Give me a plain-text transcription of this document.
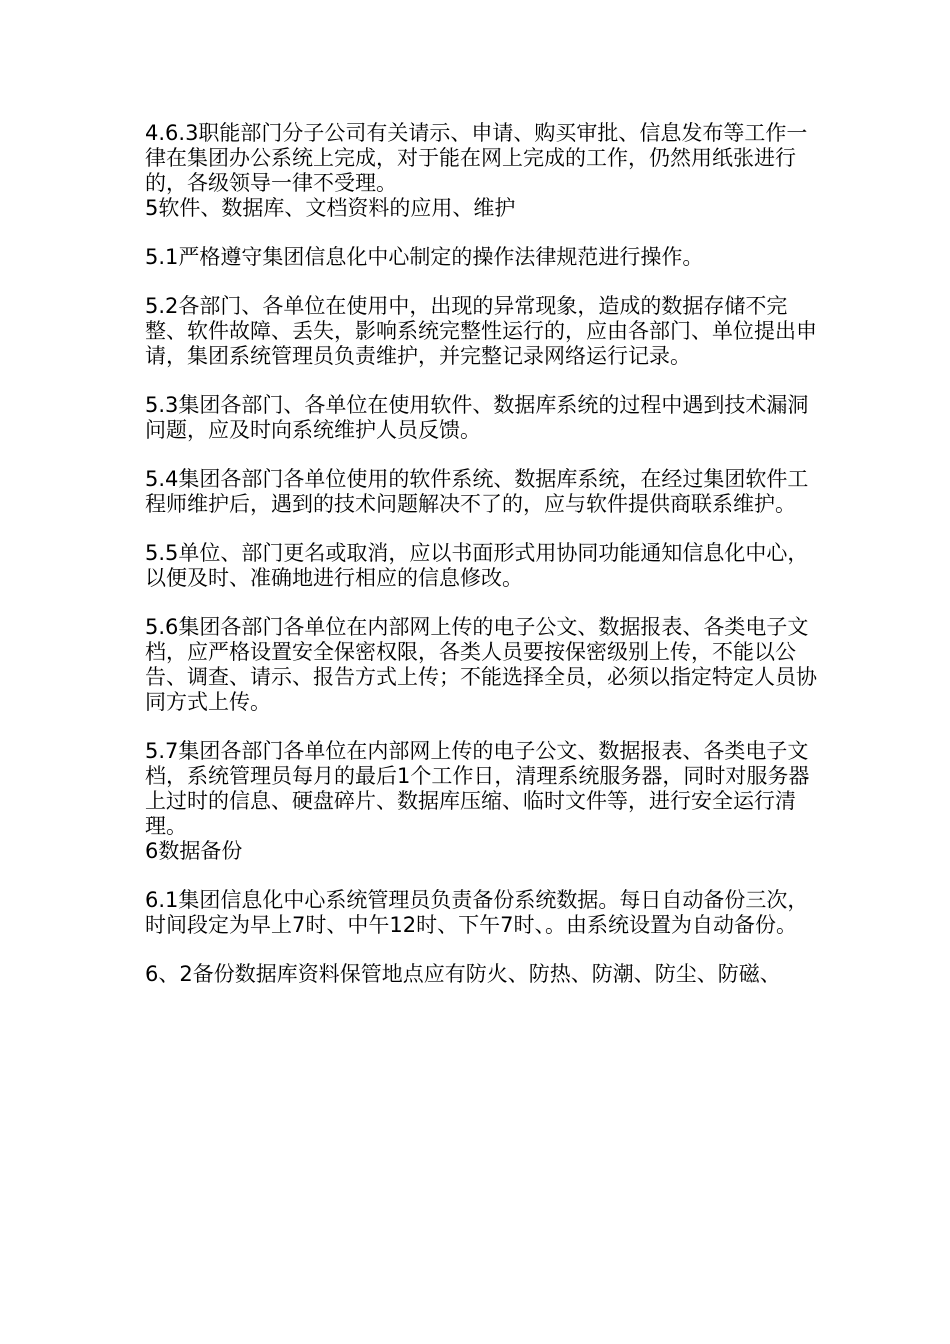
4.6.3职能部门分子公司有关请示、申请、购买审批、信息发布等工作一律在集团办公系统上完成，对于能在网上完成的工作，仍然用纸张进行的，各级领导一律不受理。

5软件、数据库、文档资料的应用、维护

5.1严格遵守集团信息化中心制定的操作法律规范进行操作。

5.2各部门、各单位在使用中，出现的异常现象，造成的数据存储不完整、软件故障、丢失，影响系统完整性运行的，应由各部门、单位提出申请，集团系统管理员负责维护，并完整记录网络运行记录。

5.3集团各部门、各单位在使用软件、数据库系统的过程中遇到技术漏洞问题，应及时向系统维护人员反馈。

5.4集团各部门各单位使用的软件系统、数据库系统，在经过集团软件工程师维护后，遇到的技术问题解决不了的，应与软件提供商联系维护。

5.5单位、部门更名或取消，应以书面形式用协同功能通知信息化中心，以便及时、准确地进行相应的信息修改。

5.6集团各部门各单位在内部网上传的电子公文、数据报表、各类电子文档，应严格设置安全保密权限，各类人员要按保密级别上传，不能以公告、调查、请示、报告方式上传；不能选择全员，必须以指定特定人员协同方式上传。

5.7集团各部门各单位在内部网上传的电子公文、数据报表、各类电子文档，系统管理员每月的最后1个工作日，清理系统服务器，同时对服务器上过时的信息、硬盘碎片、数据库压缩、临时文件等，进行安全运行清理。

6数据备份

6.1集团信息化中心系统管理员负责备份系统数据。每日自动备份三次，时间段定为早上7时、中午12时、下午7时、。由系统设置为自动备份。

6、2备份数据库资料保管地点应有防火、防热、防潮、防尘、防磁、
